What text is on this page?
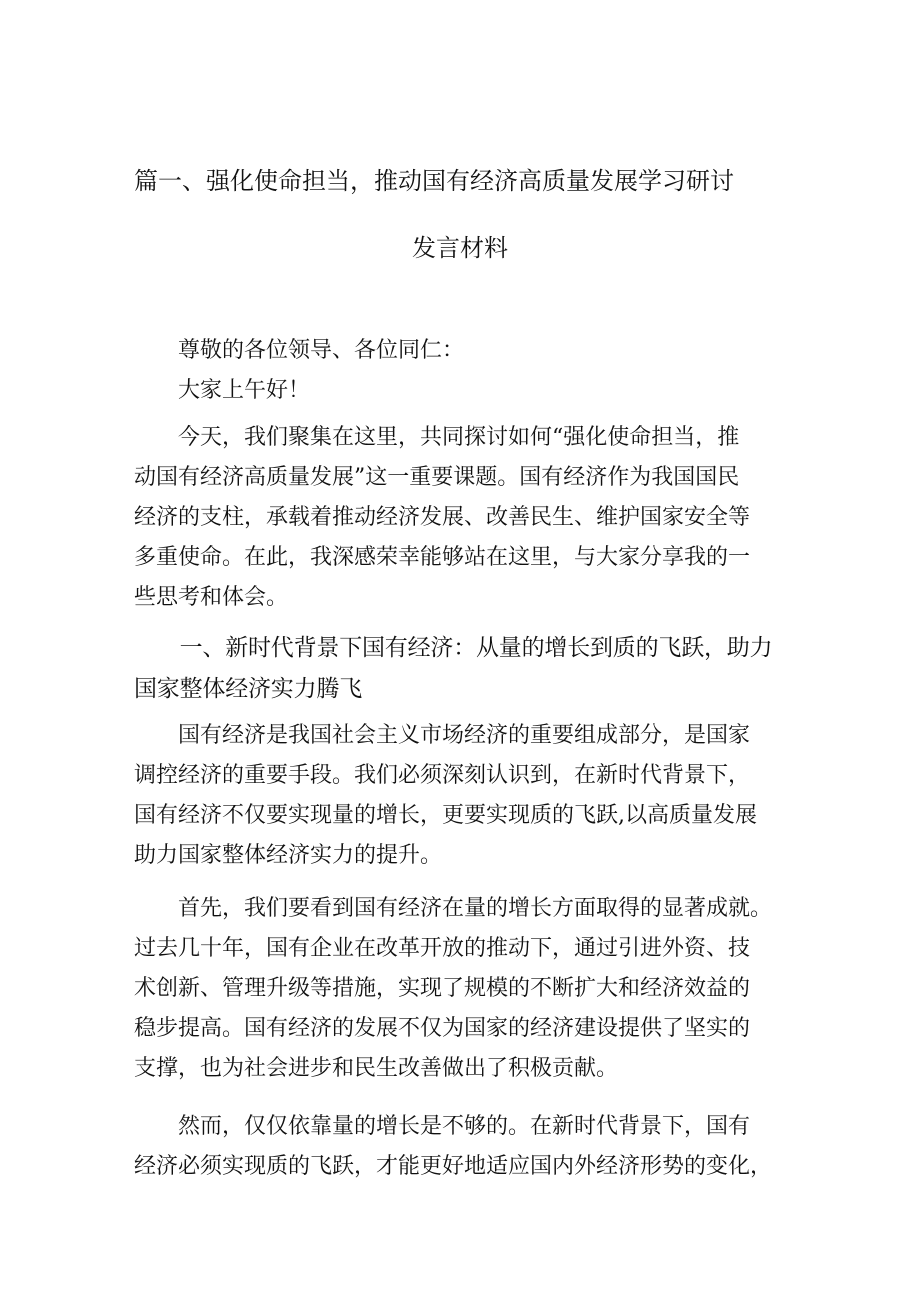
篇一、强化使命担当，推动国有经济高质量发展学习研讨
发言材料

　　尊敬的各位领导、各位同仁：

　　大家上午好！

　　今天，我们聚集在这里，共同探讨如何“强化使命担当，推

动国有经济高质量发展”这一重要课题。国有经济作为我国国民

经济的支柱，承载着推动经济发展、改善民生、维护国家安全等

多重使命。在此，我深感荣幸能够站在这里，与大家分享我的一

些思考和体会。

　　一、新时代背景下国有经济：从量的增长到质的飞跃，助力

国家整体经济实力腾飞

　　国有经济是我国社会主义市场经济的重要组成部分，是国家

调控经济的重要手段。我们必须深刻认识到，在新时代背景下，

国有经济不仅要实现量的增长，更要实现质的飞跃,以高质量发展

助力国家整体经济实力的提升。

　　首先，我们要看到国有经济在量的增长方面取得的显著成就。

过去几十年，国有企业在改革开放的推动下，通过引进外资、技

术创新、管理升级等措施，实现了规模的不断扩大和经济效益的

稳步提高。国有经济的发展不仅为国家的经济建设提供了坚实的

支撑，也为社会进步和民生改善做出了积极贡献。

　　然而，仅仅依靠量的增长是不够的。在新时代背景下，国有

经济必须实现质的飞跃，才能更好地适应国内外经济形势的变化，
